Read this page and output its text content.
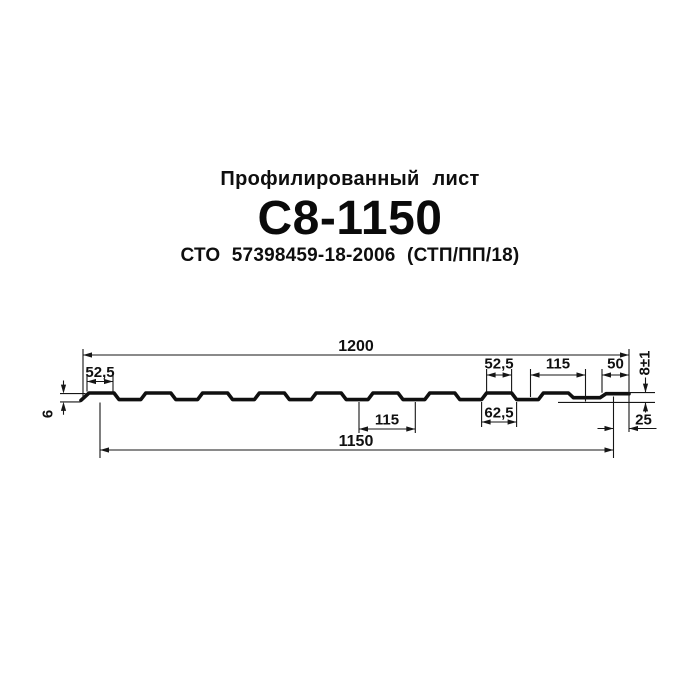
Профилированный лист
С8-1150
СТО 57398459-18-2006 (СТП/ПП/18)
1200
52,5
6
52,5 115 50 8±1
115	62,5	25
1150
